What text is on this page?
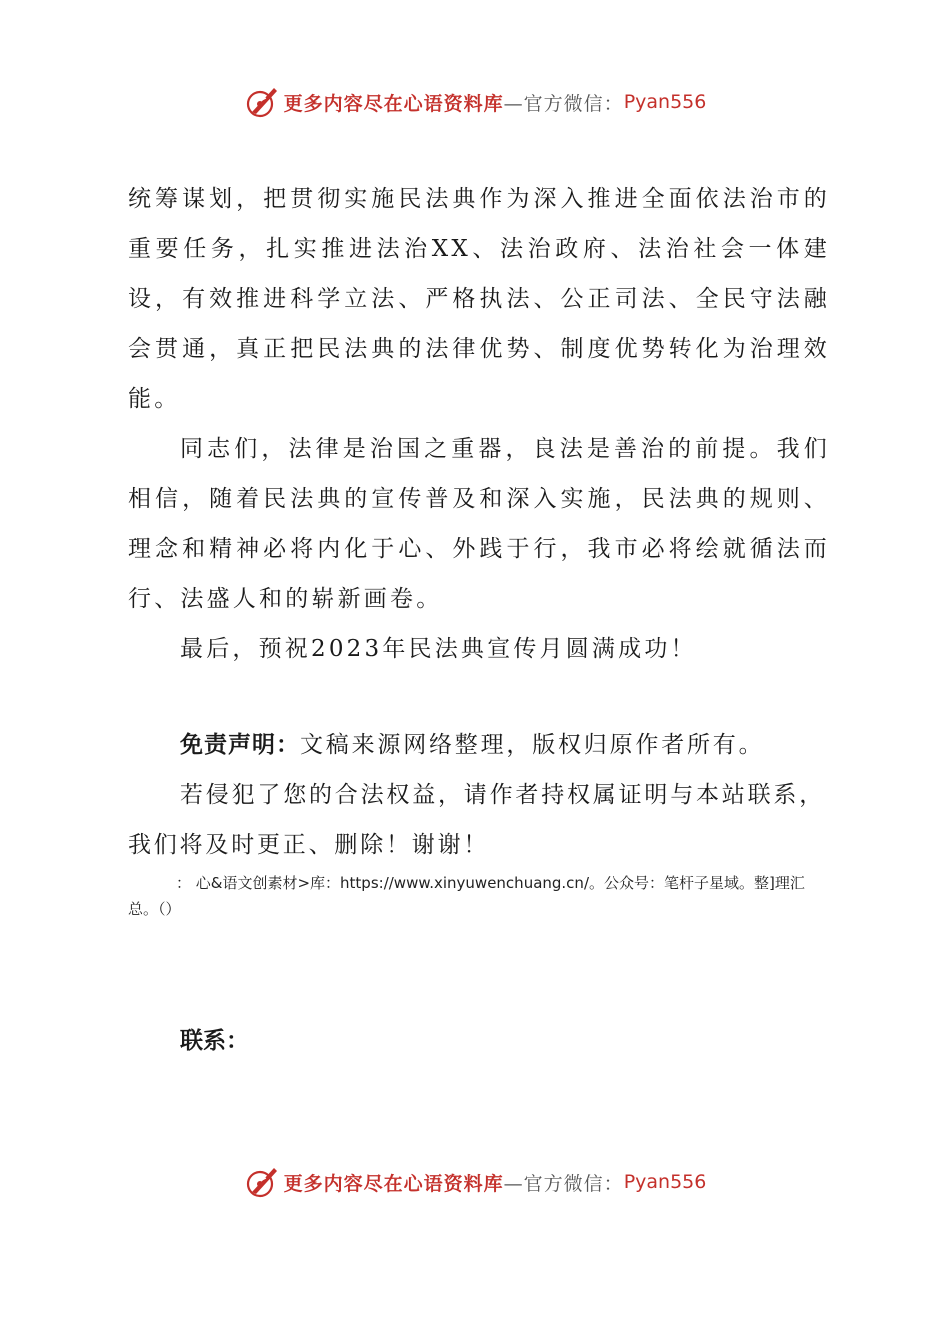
更多内容尽在心语资料库 —官方微信： Pyan556

统筹谋划，把贯彻实施民法典作为深入推进全面依法治市的重要任务，扎实推进法治XX、法治政府、法治社会一体建设，有效推进科学立法、严格执法、公正司法、全民守法融会贯通，真正把民法典的法律优势、制度优势转化为治理效能。

同志们，法律是治国之重器，良法是善治的前提。我们相信，随着民法典的宣传普及和深入实施，民法典的规则、理念和精神必将内化于心、外践于行，我市必将绘就循法而行、法盛人和的崭新画卷。

最后，预祝2023年民法典宣传月圆满成功！

免责声明：文稿来源网络整理，版权归原作者所有。

若侵犯了您的合法权益，请作者持权属证明与本站联系，我们将及时更正、删除！谢谢！

： 心&语文创素材>库：https://www.xinyuwenchuang.cn/。公众号：笔杆子星域。整]理汇
总。（）
联系：
更多内容尽在心语资料库 —官方微信： Pyan556
